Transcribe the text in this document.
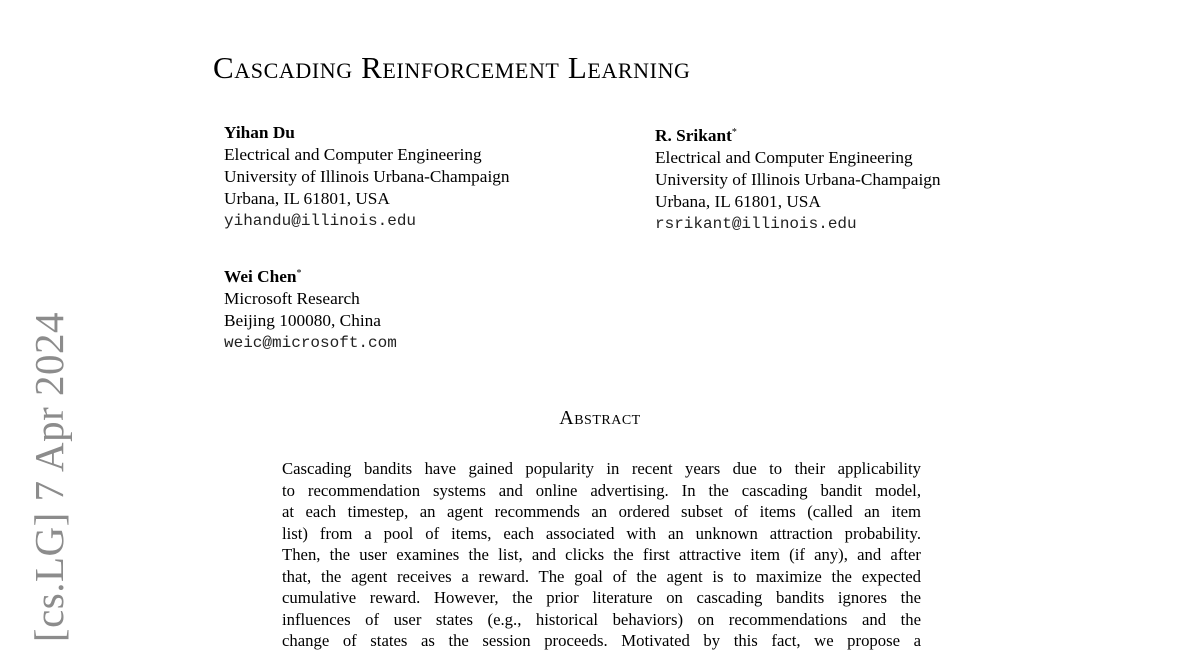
[cs.LG] 7 Apr 2024
Cascading Reinforcement Learning
Yihan Du
Electrical and Computer Engineering
University of Illinois Urbana-Champaign
Urbana, IL 61801, USA
yihandu@illinois.edu
R. Srikant*
Electrical and Computer Engineering
University of Illinois Urbana-Champaign
Urbana, IL 61801, USA
rsrikant@illinois.edu
Wei Chen*
Microsoft Research
Beijing 100080, China
weic@microsoft.com
Abstract
Cascading bandits have gained popularity in recent years due to their applicability
to recommendation systems and online advertising. In the cascading bandit model,
at each timestep, an agent recommends an ordered subset of items (called an item
list) from a pool of items, each associated with an unknown attraction probability.
Then, the user examines the list, and clicks the first attractive item (if any), and after
that, the agent receives a reward. The goal of the agent is to maximize the expected
cumulative reward. However, the prior literature on cascading bandits ignores the
influences of user states (e.g., historical behaviors) on recommendations and the
change of states as the session proceeds. Motivated by this fact, we propose a
